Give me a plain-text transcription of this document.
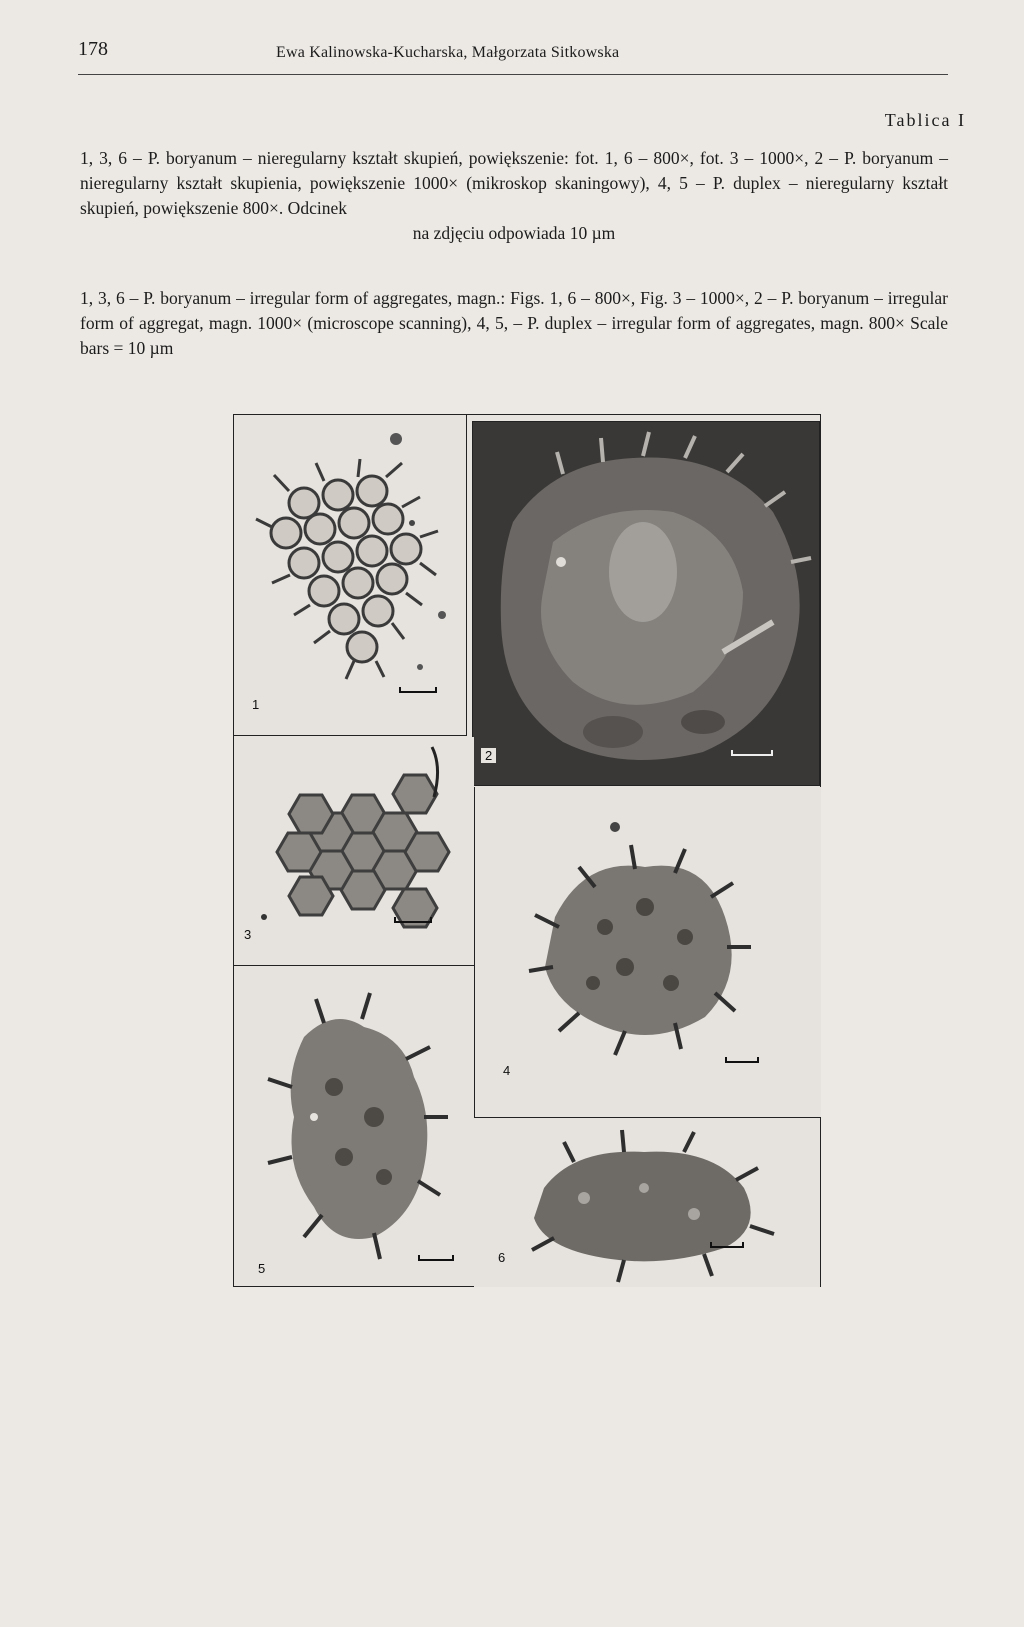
178	Ewa Kalinowska-Kucharska, Małgorzata Sitkowska
Tablica I
1, 3, 6 – P. boryanum – nieregularny kształt skupień, powiększenie: fot. 1, 6 – 800×, fot. 3 – 1000×, 2 – P. boryanum – nieregularny kształt skupienia, powiększenie 1000× (mikroskop skaningowy), 4, 5 – P. duplex – nieregularny kształt skupień, powiększenie 800×. Odcinek
na zdjęciu odpowiada 10 µm
1, 3, 6 – P. boryanum – irregular form of aggregates, magn.: Figs. 1, 6 – 800×, Fig. 3 – 1000×, 2 – P. boryanum – irregular form of aggregat, magn. 1000× (microscope scanning), 4, 5, – P. duplex – irregular form of aggregates, magn. 800× Scale bars = 10 µm
1
2
3
4
5
6
